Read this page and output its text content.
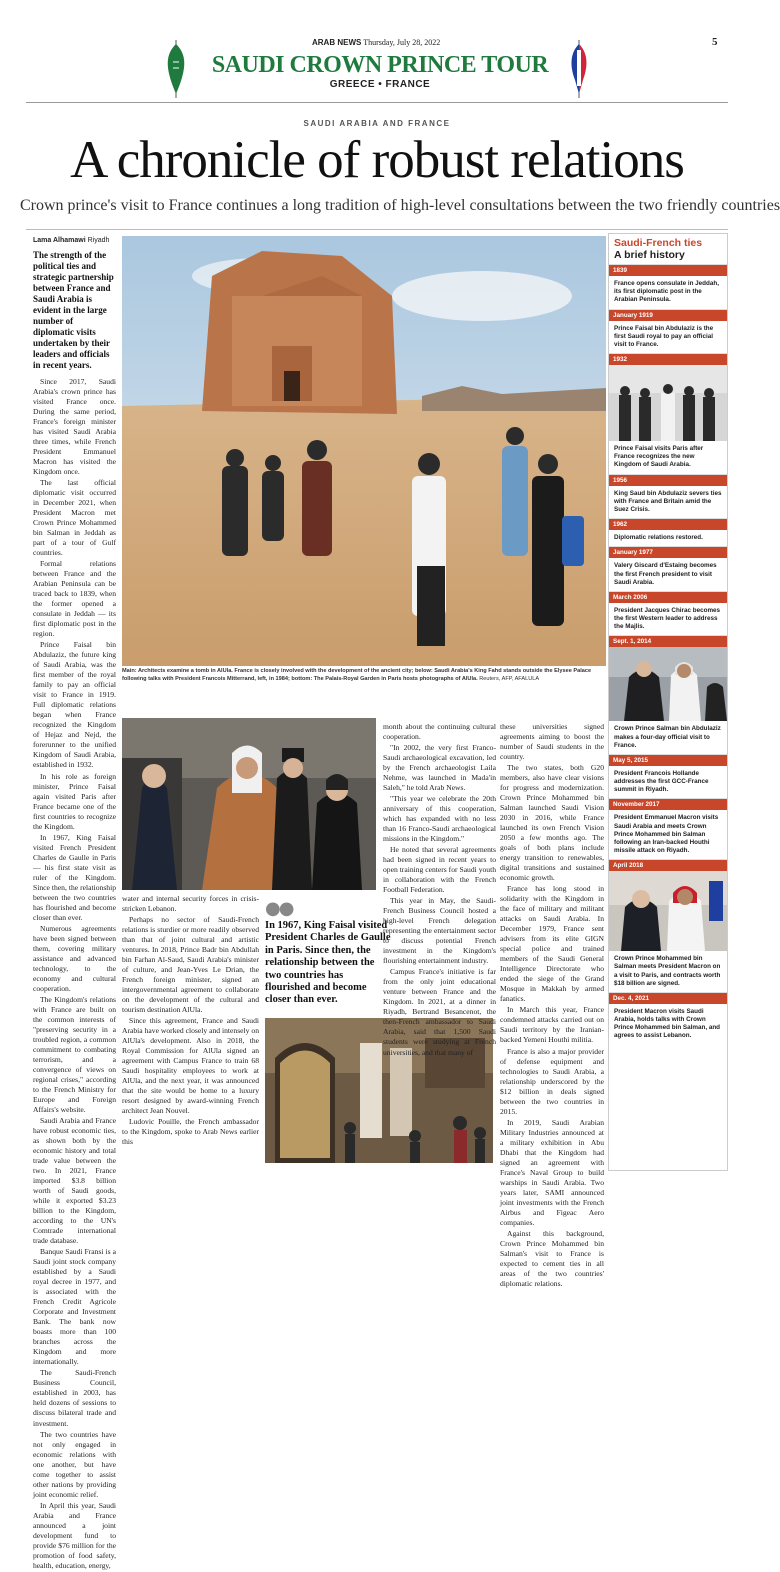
ARAB NEWS Thursday, July 28, 2022	5
SAUDI CROWN PRINCE TOUR
GREECE • FRANCE
SAUDI ARABIA AND FRANCE
A chronicle of robust relations
Crown prince's visit to France continues a long tradition of high-level consultations between the two friendly countries
Lama Alhamawi Riyadh
The strength of the political ties and strategic partnership between France and Saudi Arabia is evident in the large number of diplomatic visits undertaken by their leaders and officials in recent years.

Since 2017, Saudi Arabia's crown prince has visited France once. During the same period, France's foreign minister has visited Saudi Arabia three times, while French President Emmanuel Macron has visited the Kingdom once.

The last official diplomatic visit occurred in December 2021, when President Macron met Crown Prince Mohammed bin Salman in Jeddah as part of a tour of Gulf countries.

Formal relations between France and the Arabian Peninsula can be traced back to 1839, when the former opened a consulate in Jeddah — its first diplomatic post in the region.

Prince Faisal bin Abdulaziz, the future king of Saudi Arabia, was the first member of the royal family to pay an official visit to France in 1919. Full diplomatic relations began when France recognized the Kingdom of Hejaz and Nejd, the forerunner to the unified Kingdom of Saudi Arabia, established in 1932.

In his role as foreign minister, Prince Faisal again visited Paris after France became one of the first countries to recognize the Kingdom.

In 1967, King Faisal visited French President Charles de Gaulle in Paris — his first state visit as ruler of the Kingdom. Since then, the relationship between the two countries has flourished and become closer than ever.

Numerous agreements have been signed between them, covering military assistance and advanced technology, to the economy and cultural cooperation.

The Kingdom's relations with France are built on the common interests of "preserving security in a troubled region, a common commitment to combating terrorism, and a convergence of views on regional crises," according to the French Ministry for Europe and Foreign Affairs's website.

Saudi Arabia and France have robust economic ties, as shown both by the economic history and total trade value between the two. In 2021, France imported $3.8 billion worth of Saudi goods, while it exported $3.23 billion to the Kingdom, according to the UN's Comtrade international trade database.

Banque Saudi Fransi is a Saudi joint stock company established by a Saudi royal decree in 1977, and is associated with the French Credit Agricole Corporate and Investment Bank. The bank now boasts more than 100 branches across the Kingdom and more internationally.

The Saudi-French Business Council, established in 2003, has held dozens of sessions to discuss bilateral trade and investment.

The two countries have not only engaged in economic relations with one another, but have come together to assist other nations by providing joint economic relief.

In April this year, Saudi Arabia and France announced a joint development fund to provide $76 million for the promotion of food safety, health, education, energy,

Main: Architects examine a tomb in AlUla. France is closely involved with the development of the ancient city; below: Saudi Arabia's King Fahd stands outside the Elysee Palace following talks with President Francois Mitterrand, left, in 1984; bottom: The Palais-Royal Garden in Paris hosts photographs of AlUla. Reuters, AFP, AFALULA

water and internal security forces in crisis-stricken Lebanon.

Perhaps no sector of Saudi-French relations is sturdier or more readily observed than that of joint cultural and artistic ventures. In 2018, Prince Badr bin Abdullah bin Farhan Al-Saud, Saudi Arabia's minister of culture, and Jean-Yves Le Drian, the French foreign minister, signed an intergovernmental agreement to collaborate on the development of the cultural and tourism destination AlUla.

Since this agreement, France and Saudi Arabia have worked closely and intensely on AlUla's development. Also in 2018, the Royal Commission for AlUla signed an agreement with Campus France to train 68 Saudi hospitality employees to work at AlUla, and the next year, it was announced that the site would be home to a luxury resort designed by award-winning French architect Jean Nouvel.

Ludovic Pouille, the French ambassador to the Kingdom, spoke to Arab News earlier this

●●
In 1967, King Faisal visited President Charles de Gaulle in Paris. Since then, the relationship between the two countries has flourished and become closer than ever.

month about the continuing cultural cooperation.

"In 2002, the very first Franco-Saudi archaeological excavation, led by the French archaeologist Laila Nehme, was launched in Mada'in Saleh," he told Arab News.

"This year we celebrate the 20th anniversary of this cooperation, which has expanded with no less than 16 Franco-Saudi archaeological missions in the Kingdom."

He noted that several agreements had been signed in recent years to open training centers for Saudi youth in collaboration with the French Football Federation.

This year in May, the Saudi-French Business Council hosted a high-level French delegation representing the entertainment sector to discuss potential French investment in the Kingdom's flourishing entertainment industry.

Campus France's initiative is far from the only joint educational venture between France and the Kingdom. In 2021, at a dinner in Riyadh, Bertrand Besancenot, the then-French ambassador to Saudi Arabia, said that 1,500 Saudi students were studying at French universities, and that many of

these universities signed agreements aiming to boost the number of Saudi students in the country.

The two states, both G20 members, also have clear visions for progress and modernization. Crown Prince Mohammed bin Salman launched Saudi Vision 2030 in 2016, while France launched its own French Vision 2050 a few months ago. The goals of both plans include energy transition to renewables, digital transitions and sustained economic growth.

France has long stood in solidarity with the Kingdom in the face of military and militant attacks on Saudi Arabia. In December 1979, France sent advisers from its elite GIGN special police and trained members of the Saudi General Intelligence Directorate who ended the siege of the Grand Mosque in Makkah by armed fanatics.

In March this year, France condemned attacks carried out on Saudi territory by the Iranian-backed Yemeni Houthi militia.

France is also a major provider of defense equipment and technologies to Saudi Arabia, a relationship underscored by the $12 billion in deals signed between the two countries in 2015.

In 2019, Saudi Arabian Military Industries announced at a military exhibition in Abu Dhabi that the Kingdom had signed an agreement with France's Naval Group to build warships in Saudi Arabia. Two years later, SAMI announced joint investments with the French Airbus and Figeac Aero companies.

Against this background, Crown Prince Mohammed bin Salman's visit to France is expected to cement ties in all areas of the two countries' diplomatic relations.

Saudi-French ties
A brief history
1839
France opens consulate in Jeddah, its first diplomatic post in the Arabian Peninsula.
January 1919
Prince Faisal bin Abdulaziz is the first Saudi royal to pay an official visit to France.
1932
Prince Faisal visits Paris after France recognizes the new Kingdom of Saudi Arabia.
1956
King Saud bin Abdulaziz severs ties with France and Britain amid the Suez Crisis.
1962
Diplomatic relations restored.
January 1977
Valery Giscard d'Estaing becomes the first French president to visit Saudi Arabia.
March 2006
President Jacques Chirac becomes the first Western leader to address the Majlis.
Sept. 1, 2014
Crown Prince Salman bin Abdulaziz makes a four-day official visit to France.
May 5, 2015
President Francois Hollande addresses the first GCC-France summit in Riyadh.
November 2017
President Emmanuel Macron visits Saudi Arabia and meets Crown Prince Mohammed bin Salman following an Iran-backed Houthi missile attack on Riyadh.
April 2018
Crown Prince Mohammed bin Salman meets President Macron on a visit to Paris, and contracts worth $18 billion are signed.
Dec. 4, 2021
President Macron visits Saudi Arabia, holds talks with Crown Prince Mohammed bin Salman, and agrees to assist Lebanon.
